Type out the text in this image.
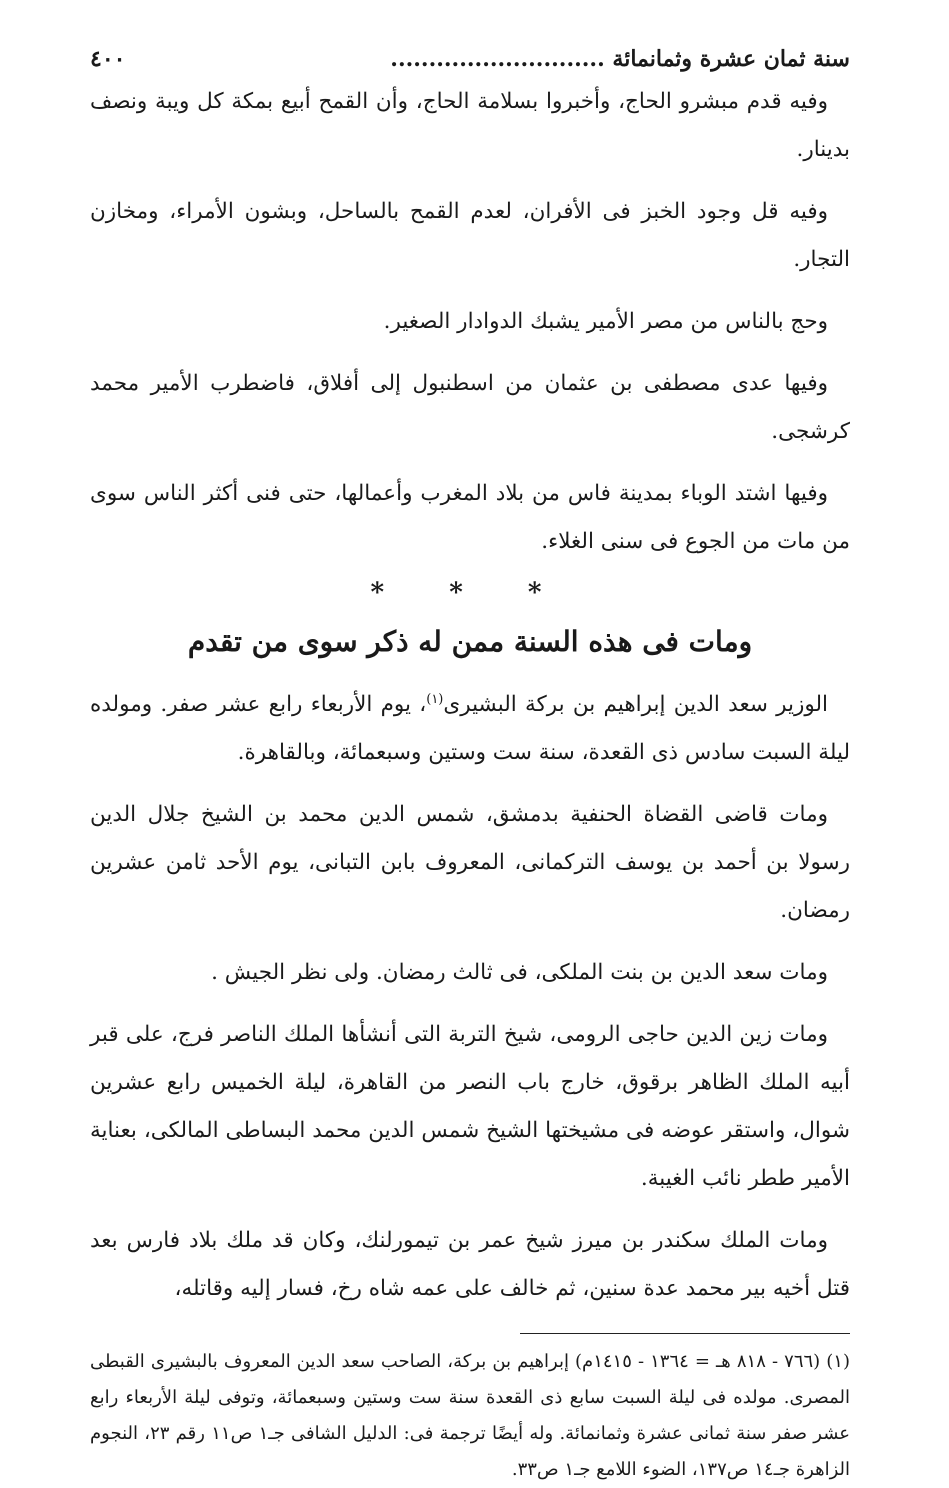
سنة ثمان عشرة وثمانمائة ............................
٤٠٠

وفيه قدم مبشرو الحاج، وأخبروا بسلامة الحاج، وأن القمح أبيع بمكة كل ويبة ونصف بدينار.

وفيه قل وجود الخبز فى الأفران، لعدم القمح بالساحل، وبشون الأمراء، ومخازن التجار.

وحج بالناس من مصر الأمير يشبك الدوادار الصغير.

وفيها عدى مصطفى بن عثمان من اسطنبول إلى أفلاق، فاضطرب الأمير محمد كرشجى.

وفيها اشتد الوباء بمدينة فاس من بلاد المغرب وأعمالها، حتى فنى أكثر الناس سوى من مات من الجوع فى سنى الغلاء.

* * *
ومات فى هذه السنة ممن له ذكر سوى من تقدم

الوزير سعد الدين إبراهيم بن بركة البشيرى$^{(١)}$، يوم الأربعاء رابع عشر صفر. ومولده ليلة السبت سادس ذى القعدة، سنة ست وستين وسبعمائة، وبالقاهرة.

ومات قاضى القضاة الحنفية بدمشق، شمس الدين محمد بن الشيخ جلال الدين رسولا بن أحمد بن يوسف التركمانى، المعروف بابن التبانى، يوم الأحد ثامن عشرين رمضان.

ومات سعد الدين بن بنت الملكى، فى ثالث رمضان. ولى نظر الجيش .

ومات زين الدين حاجى الرومى، شيخ التربة التى أنشأها الملك الناصر فرج، على قبر أبيه الملك الظاهر برقوق، خارج باب النصر من القاهرة، ليلة الخميس رابع عشرين شوال، واستقر عوضه فى مشيختها الشيخ شمس الدين محمد البساطى المالكى، بعناية الأمير ططر نائب الغيبة.

ومات الملك سكندر بن ميرز شيخ عمر بن تيمورلنك، وكان قد ملك بلاد فارس بعد قتل أخيه بير محمد عدة سنين، ثم خالف على عمه شاه رخ، فسار إليه وقاتله،

(١) (٧٦٦ - ٨١٨ هـ = ١٣٦٤ - ١٤١٥م) إبراهيم بن بركة، الصاحب سعد الدين المعروف بالبشيرى القبطى المصرى. مولده فى ليلة السبت سابع ذى القعدة سنة ست وستين وسبعمائة، وتوفى ليلة الأربعاء رابع عشر صفر سنة ثمانى عشرة وثمانمائة. وله أيضًا ترجمة فى: الدليل الشافى جـ١ ص١١ رقم ٢٣، النجوم الزاهرة جـ١٤ ص١٣٧، الضوء اللامع جـ١ ص٣٣.
